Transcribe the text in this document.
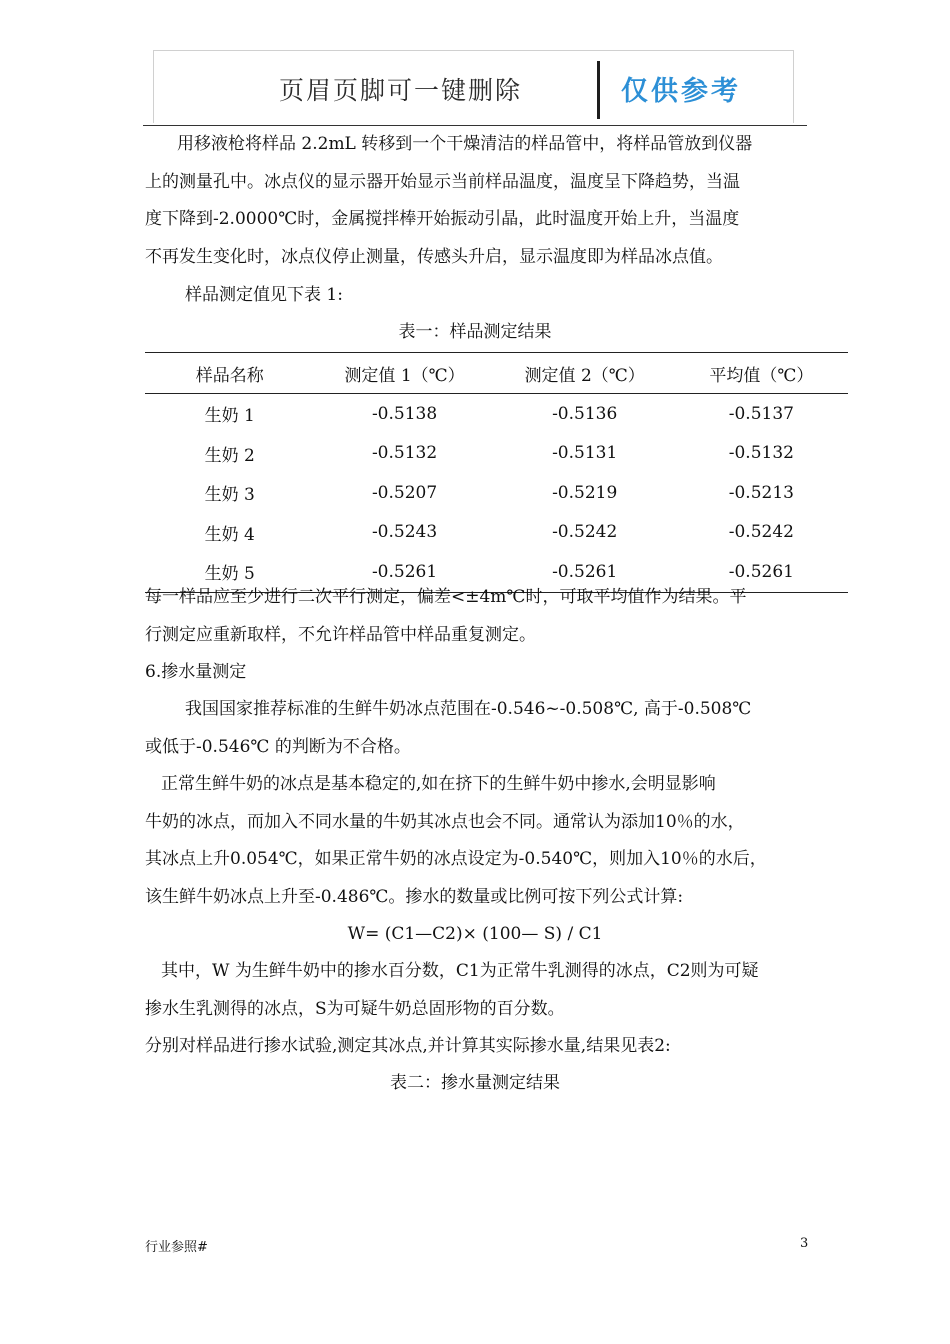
页眉页脚可一键删除	仅供参考
用移液枪将样品 2.2mL 转移到一个干燥清洁的样品管中，将样品管放到仪器
上的测量孔中。冰点仪的显示器开始显示当前样品温度，温度呈下降趋势，当温
度下降到-2.0000℃时，金属搅拌棒开始振动引晶，此时温度开始上升，当温度
不再发生变化时，冰点仪停止测量，传感头升启，显示温度即为样品冰点值。
样品测定值见下表 1:
表一：样品测定结果
样品名称	测定值 1（℃）	测定值 2（℃）	平均值（℃）
生奶 1	-0.5138	-0.5136	-0.5137
生奶 2	-0.5132	-0.5131	-0.5132
生奶 3	-0.5207	-0.5219	-0.5213
生奶 4	-0.5243	-0.5242	-0.5242
生奶 5	-0.5261	-0.5261	-0.5261
每一样品应至少进行二次平行测定，偏差<±4m℃时，可取平均值作为结果。平
行测定应重新取样，不允许样品管中样品重复测定。
6.掺水量测定
我国国家推荐标准的生鲜牛奶冰点范围在-0.546~-0.508℃, 高于-0.508℃
或低于-0.546℃ 的判断为不合格。
正常生鲜牛奶的冰点是基本稳定的,如在挤下的生鲜牛奶中掺水,会明显影响
牛奶的冰点，而加入不同水量的牛奶其冰点也会不同。通常认为添加10％的水，
其冰点上升0.054℃，如果正常牛奶的冰点设定为-0.540℃，则加入10％的水后，
该生鲜牛奶冰点上升至-0.486℃。掺水的数量或比例可按下列公式计算:
W= (C1—C2)× (100— S) / C1
其中，W 为生鲜牛奶中的掺水百分数，C1为正常牛乳测得的冰点，C2则为可疑
掺水生乳测得的冰点，S为可疑牛奶总固形物的百分数。
分别对样品进行掺水试验,测定其冰点,并计算其实际掺水量,结果见表2:
表二：掺水量测定结果
行业参照#	3
